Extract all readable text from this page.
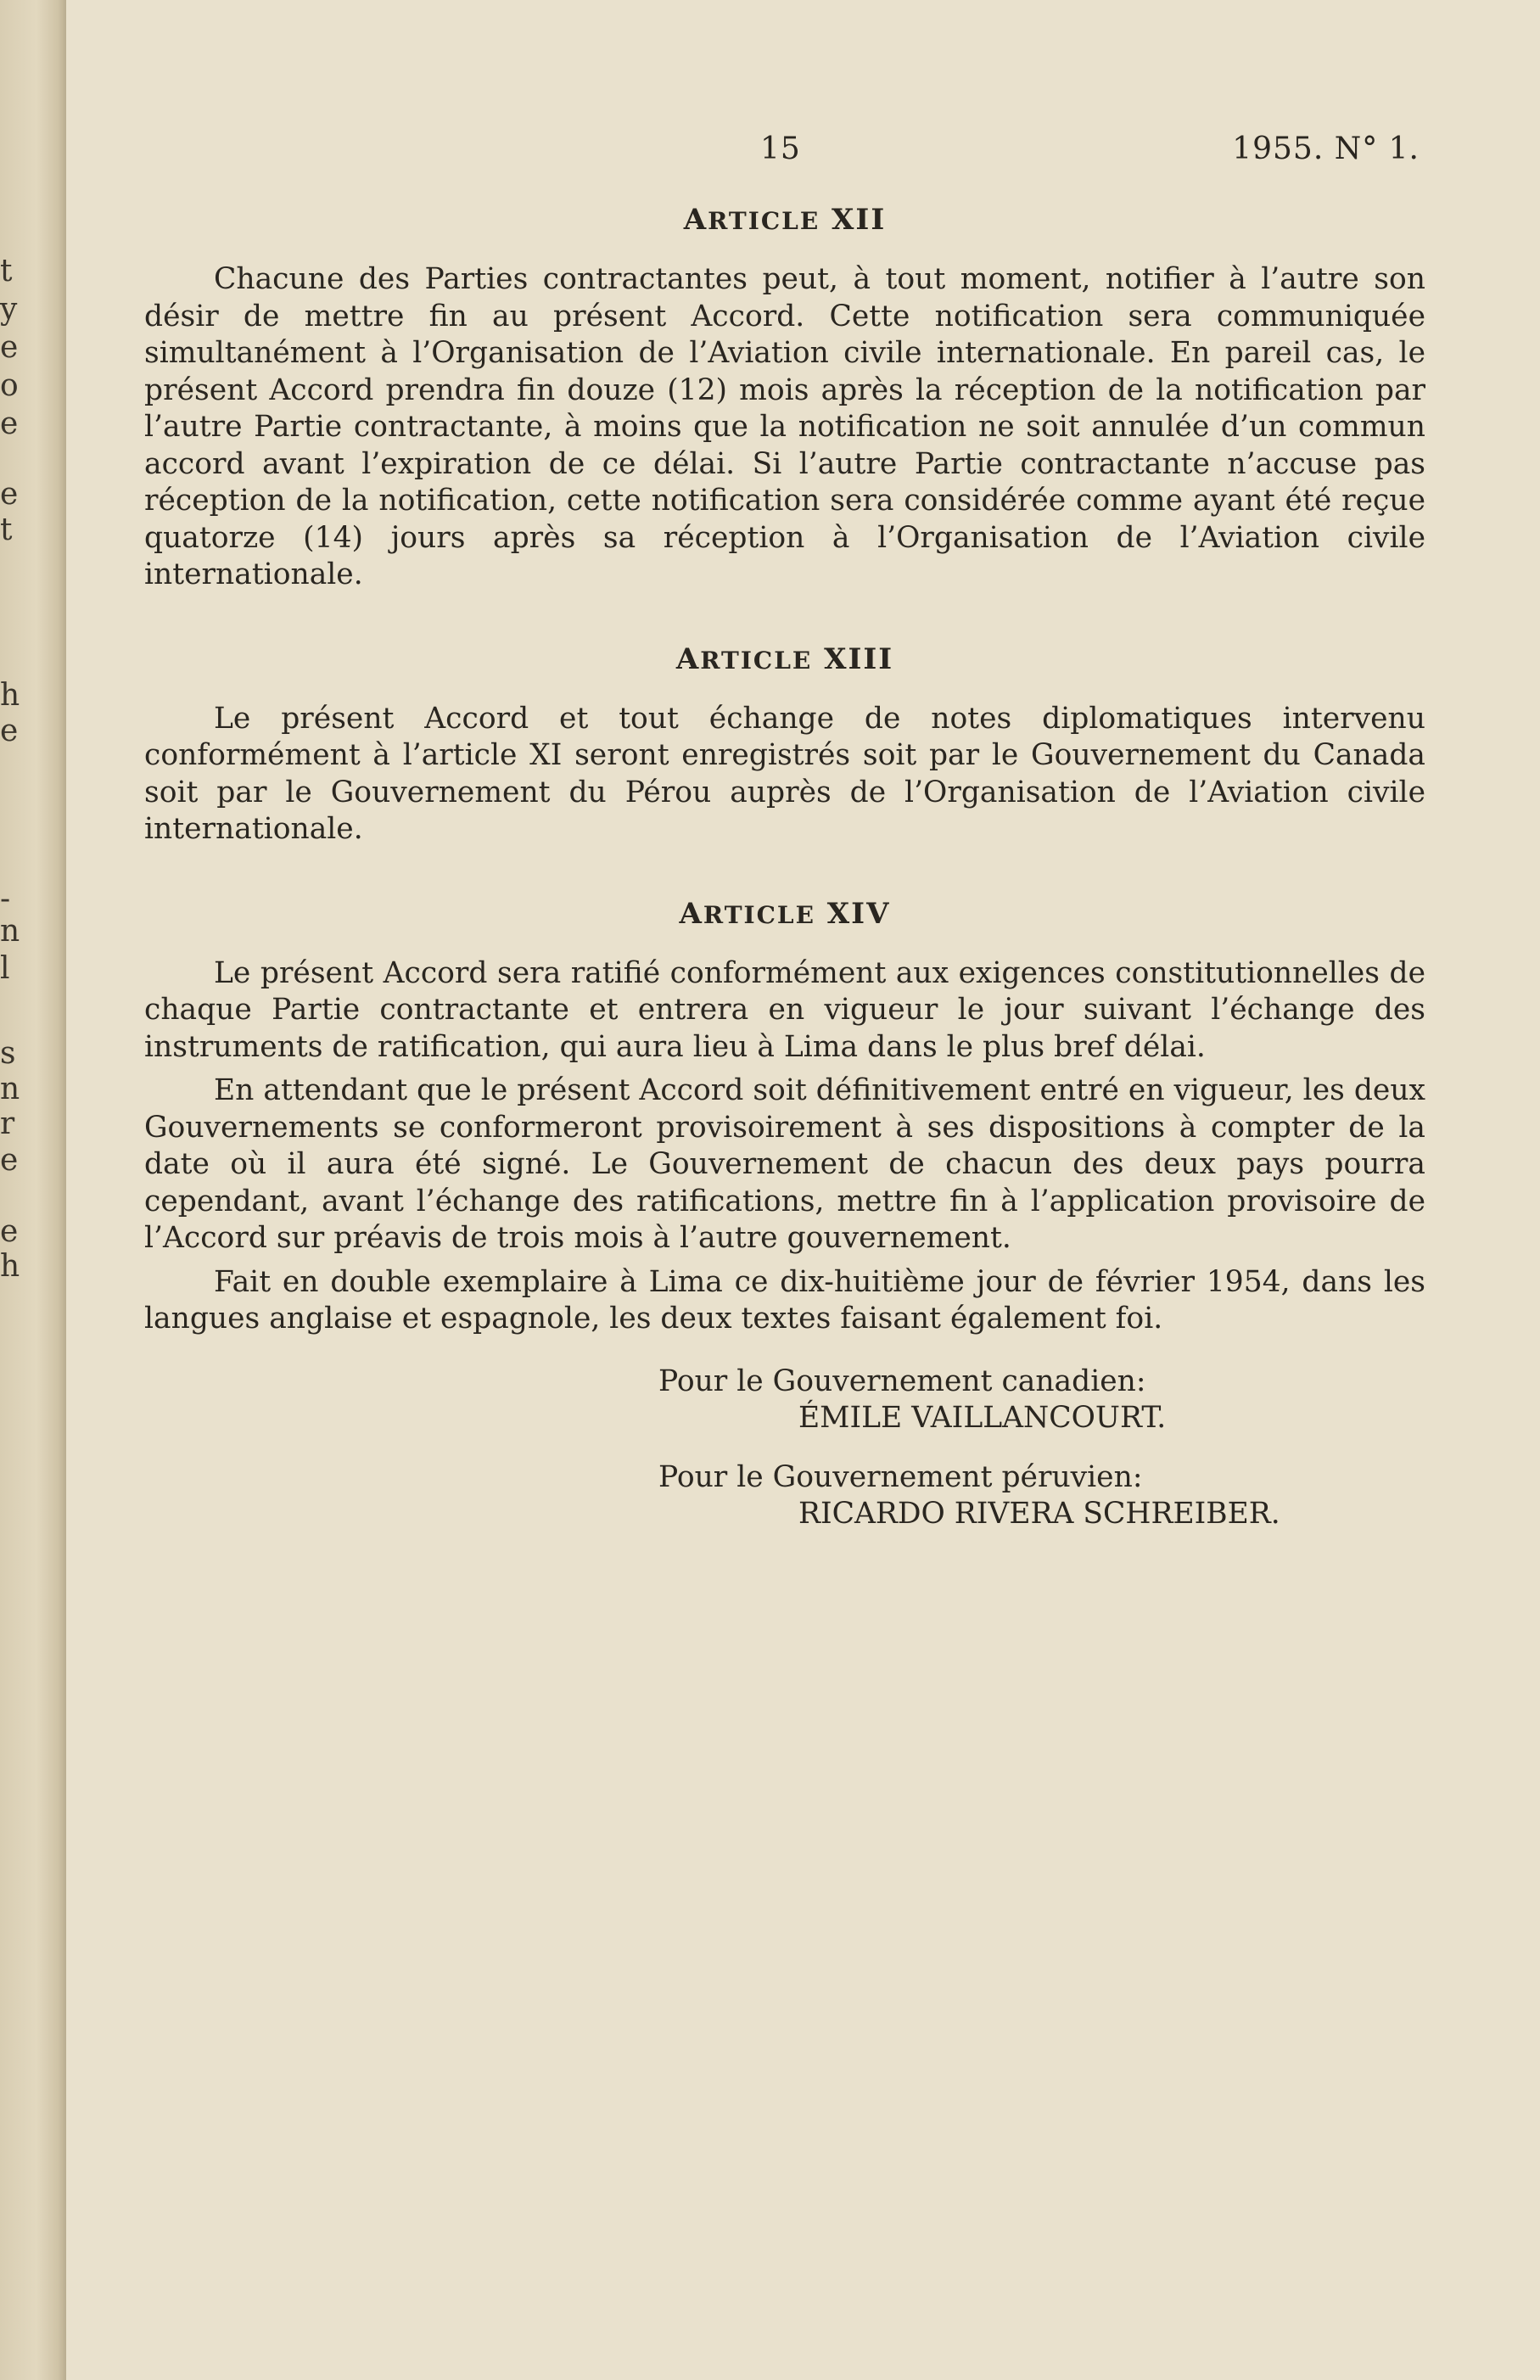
t
y
e
o
e
e
t
h
e
-
n
l
s
n
r
e
e
h
15	1955. N° 1.
ARTICLE XII

Chacune des Parties contractantes peut, à tout moment, notifier à l’autre son désir de mettre fin au présent Accord. Cette notification sera communiquée simultanément à l’Organisation de l’Aviation civile internationale. En pareil cas, le présent Accord prendra fin douze (12) mois après la réception de la notification par l’autre Partie contractante, à moins que la notification ne soit annulée d’un commun accord avant l’expiration de ce délai. Si l’autre Partie contractante n’accuse pas réception de la notification, cette notification sera considérée comme ayant été reçue quatorze (14) jours après sa réception à l’Organisation de l’Aviation civile internationale.

ARTICLE XIII

Le présent Accord et tout échange de notes diplomatiques intervenu conformément à l’article XI seront enregistrés soit par le Gouvernement du Canada soit par le Gouvernement du Pérou auprès de l’Organisation de l’Aviation civile internationale.

ARTICLE XIV

Le présent Accord sera ratifié conformément aux exigences constitutionnelles de chaque Partie contractante et entrera en vigueur le jour suivant l’échange des instruments de ratification, qui aura lieu à Lima dans le plus bref délai.

En attendant que le présent Accord soit définitivement entré en vigueur, les deux Gouvernements se conformeront provisoirement à ses dispositions à compter de la date où il aura été signé. Le Gouvernement de chacun des deux pays pourra cependant, avant l’échange des ratifications, mettre fin à l’application provisoire de l’Accord sur préavis de trois mois à l’autre gouvernement.

Fait en double exemplaire à Lima ce dix-huitième jour de février 1954, dans les langues anglaise et espagnole, les deux textes faisant également foi.

Pour le Gouvernement canadien:
ÉMILE VAILLANCOURT.
Pour le Gouvernement péruvien:
RICARDO RIVERA SCHREIBER.
